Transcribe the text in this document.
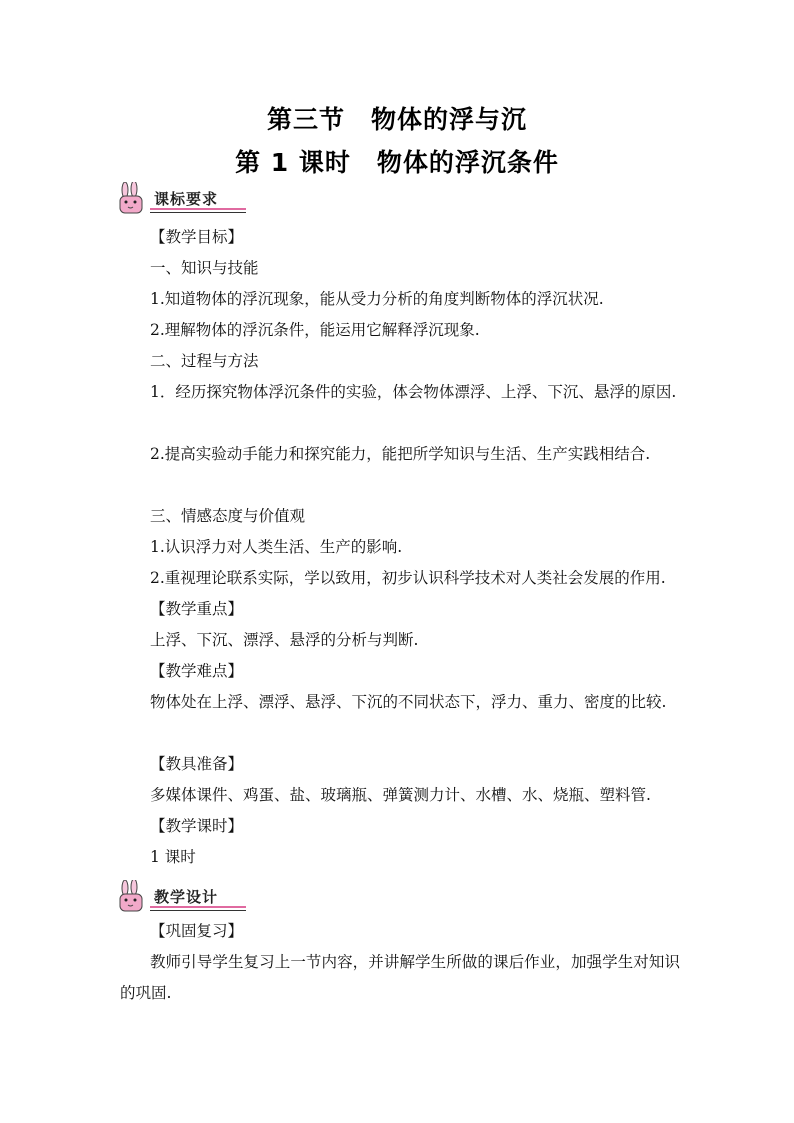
第三节　物体的浮与沉
第 1 课时　物体的浮沉条件
课标要求

【教学目标】

一、知识与技能

1.知道物体的浮沉现象，能从受力分析的角度判断物体的浮沉状况.

2.理解物体的浮沉条件，能运用它解释浮沉现象.

二、过程与方法

1．经历探究物体浮沉条件的实验，体会物体漂浮、上浮、下沉、悬浮的原因.

2.提高实验动手能力和探究能力，能把所学知识与生活、生产实践相结合.

三、情感态度与价值观

1.认识浮力对人类生活、生产的影响.

2.重视理论联系实际，学以致用，初步认识科学技术对人类社会发展的作用.

【教学重点】

上浮、下沉、漂浮、悬浮的分析与判断.

【教学难点】

物体处在上浮、漂浮、悬浮、下沉的不同状态下，浮力、重力、密度的比较.

【教具准备】

多媒体课件、鸡蛋、盐、玻璃瓶、弹簧测力计、水槽、水、烧瓶、塑料管.

【教学课时】

1 课时

教学设计

【巩固复习】

教师引导学生复习上一节内容，并讲解学生所做的课后作业，加强学生对知识的巩固.
